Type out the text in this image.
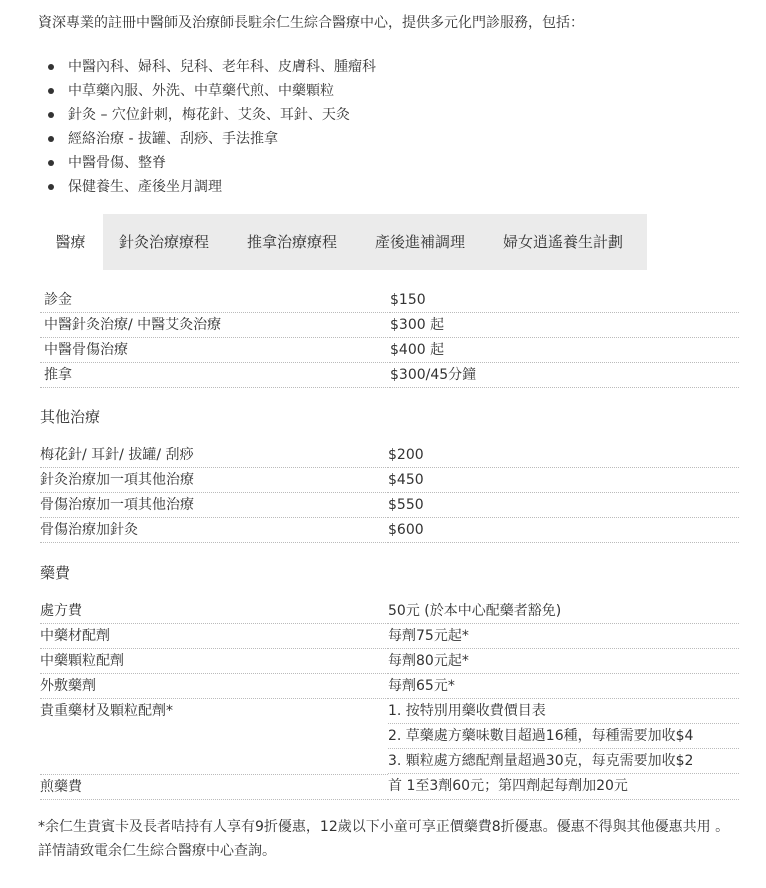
資深專業的註冊中醫師及治療師長駐余仁生綜合醫療中心，提供多元化門診服務，包括：
中醫內科、婦科、兒科、老年科、皮膚科、腫瘤科
中草藥內服、外洗、中草藥代煎、中藥顆粒
針灸 – 穴位針刺，梅花針、艾灸、耳針、天灸
經絡治療 - 拔罐、刮痧、手法推拿
中醫骨傷、整脊
保健養生、產後坐月調理
醫療	針灸治療療程	推拿治療療程	產後進補調理	婦女逍遙養生計劃
診金	$150
中醫針灸治療/ 中醫艾灸治療	$300 起
中醫骨傷治療	$400 起
推拿	$300/45分鐘
其他治療
梅花針/ 耳針/ 拔罐/ 刮痧	$200
針灸治療加一項其他治療	$450
骨傷治療加一項其他治療	$550
骨傷治療加針灸	$600
藥費
處方費	50元 (於本中心配藥者豁免)
中藥材配劑	每劑75元起*
中藥顆粒配劑	每劑80元起*
外敷藥劑	每劑65元*
貴重藥材及顆粒配劑*	1. 按特別用藥收費價目表
2. 草藥處方藥味數目超過16種，每種需要加收$4
3. 顆粒處方總配劑量超過30克，每克需要加收$2

煎藥費	首 1至3劑60元；第四劑起每劑加20元
*余仁生貴賓卡及長者咭持有人享有9折優惠，12歲以下小童可享正價藥費8折優惠。優惠不得與其他優惠共用 。詳情請致電余仁生綜合醫療中心查詢。
